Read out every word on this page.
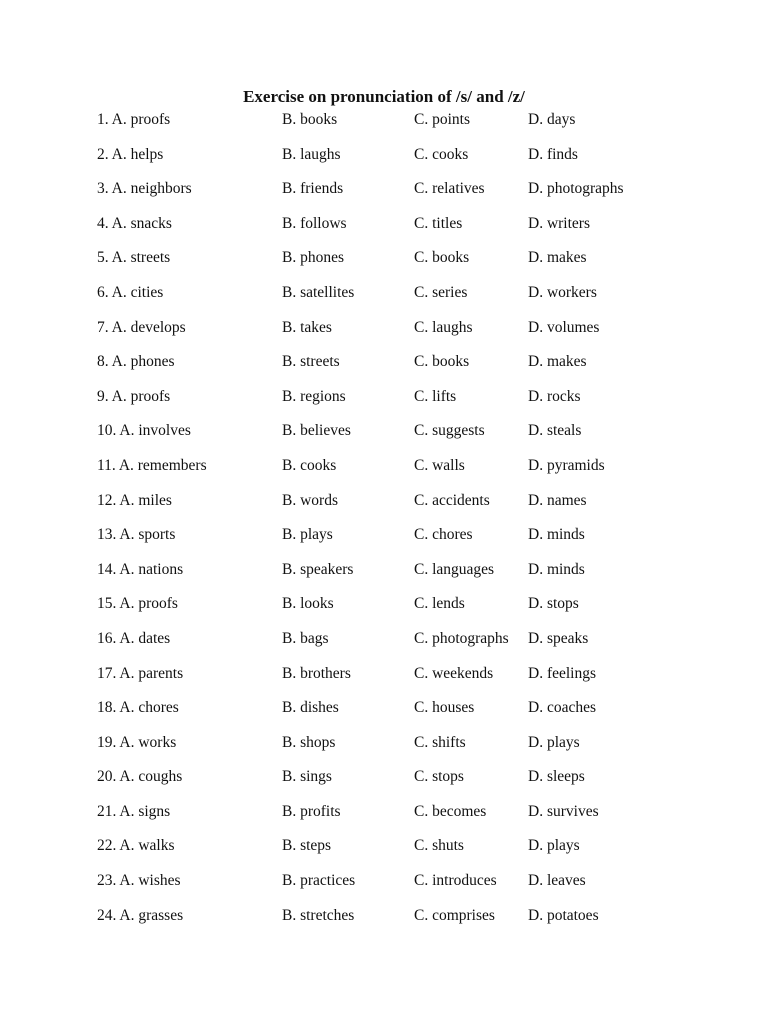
Exercise on pronunciation of /s/ and /z/
1. A. proofs	B. books	C. points	D. days
2. A. helps	B. laughs	C. cooks	D. finds
3. A. neighbors	B. friends	C. relatives	D. photographs
4. A. snacks	B. follows	C. titles	D. writers
5. A. streets	B. phones	C. books	D. makes
6. A. cities	B. satellites	C. series	D. workers
7. A. develops	B. takes	C. laughs	D. volumes
8. A. phones	B. streets	C. books	D. makes
9. A. proofs	B. regions	C. lifts	D. rocks
10. A. involves	B. believes	C. suggests	D. steals
11. A. remembers	B. cooks	C. walls	D. pyramids
12. A. miles	B. words	C. accidents D. names
13. A. sports	B. plays	C. chores	D. minds
14. A. nations	B. speakers	C. languages D. minds
15. A. proofs	B. looks	C. lends	D. stops
16. A. dates	B. bags	C. photographs D. speaks
17. A. parents	B. brothers	C. weekends D. feelings
18. A. chores	B. dishes	C. houses	D. coaches
19. A. works	B. shops	C. shifts	D. plays
20. A. coughs	B. sings	C. stops	D. sleeps
21. A. signs	B. profits	C. becomes	D. survives
22. A. walks	B. steps	C. shuts	D. plays
23. A. wishes	B. practices	C. introduces D. leaves
24. A. grasses	B. stretches	C. comprises D. potatoes
